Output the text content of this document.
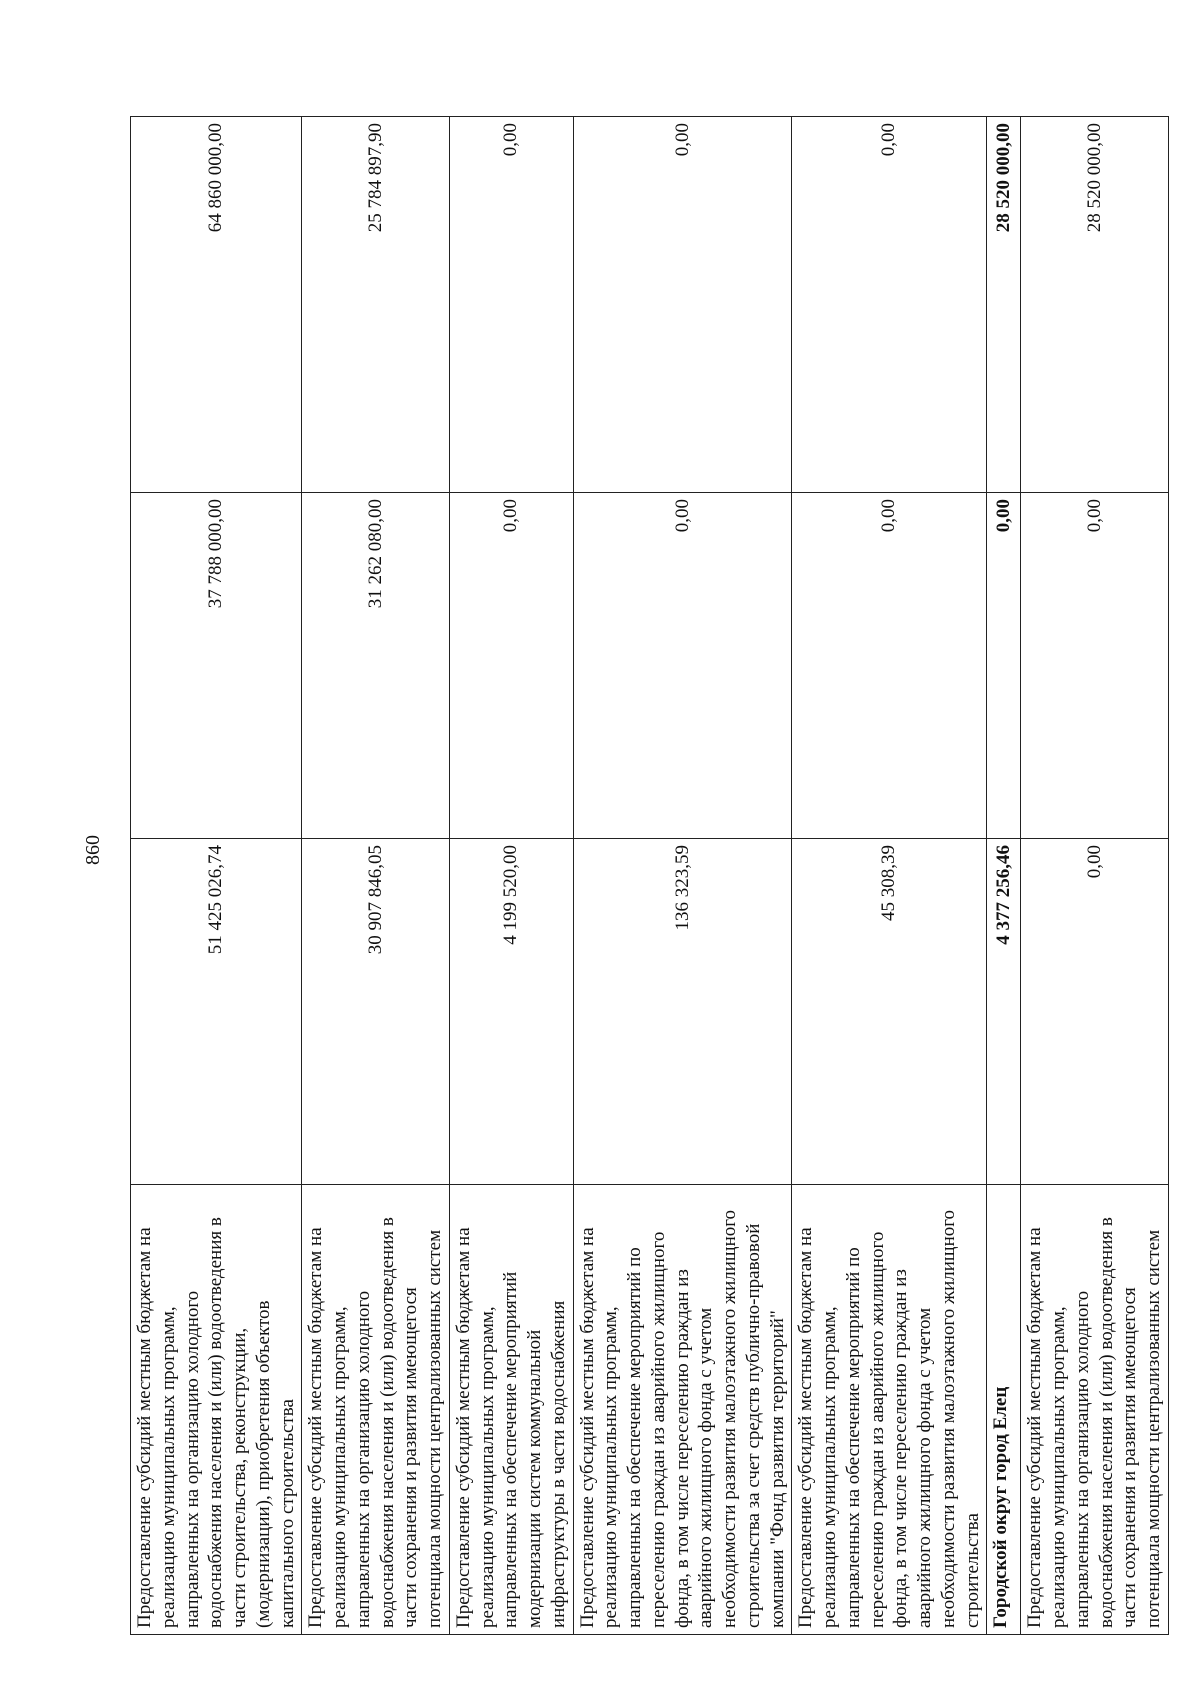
860
Предоставление субсидий местным бюджетам на реализацию муниципальных программ, направленных на организацию холодного водоснабжения населения и (или) водоотведения в части строительства, реконструкции, (модернизации), приобретения объектов капитального строительства	51 425 026,74	37 788 000,00	64 860 000,00
Предоставление субсидий местным бюджетам на реализацию муниципальных программ, направленных на организацию холодного водоснабжения населения и (или) водоотведения в части сохранения и развития имеющегося потенциала мощности централизованных систем	30 907 846,05	31 262 080,00	25 784 897,90
Предоставление субсидий местным бюджетам на реализацию муниципальных программ, направленных на обеспечение мероприятий модернизации систем коммунальной инфраструктуры в части водоснабжения	4 199 520,00	0,00	0,00
Предоставление субсидий местным бюджетам на реализацию муниципальных программ, направленных на обеспечение мероприятий по переселению граждан из аварийного жилищного фонда, в том числе переселению граждан из аварийного жилищного фонда с учетом необходимости развития малоэтажного жилищного строительства за счет средств публично-правовой компании "Фонд развития территорий"	136 323,59	0,00	0,00
Предоставление субсидий местным бюджетам на реализацию муниципальных программ, направленных на обеспечение мероприятий по переселению граждан из аварийного жилищного фонда, в том числе переселению граждан из аварийного жилищного фонда с учетом необходимости развития малоэтажного жилищного строительства	45 308,39	0,00	0,00
Городской округ город Елец	4 377 256,46	0,00	28 520 000,00
Предоставление субсидий местным бюджетам на реализацию муниципальных программ, направленных на организацию холодного водоснабжения населения и (или) водоотведения в части сохранения и развития имеющегося потенциала мощности централизованных систем	0,00	0,00	28 520 000,00
